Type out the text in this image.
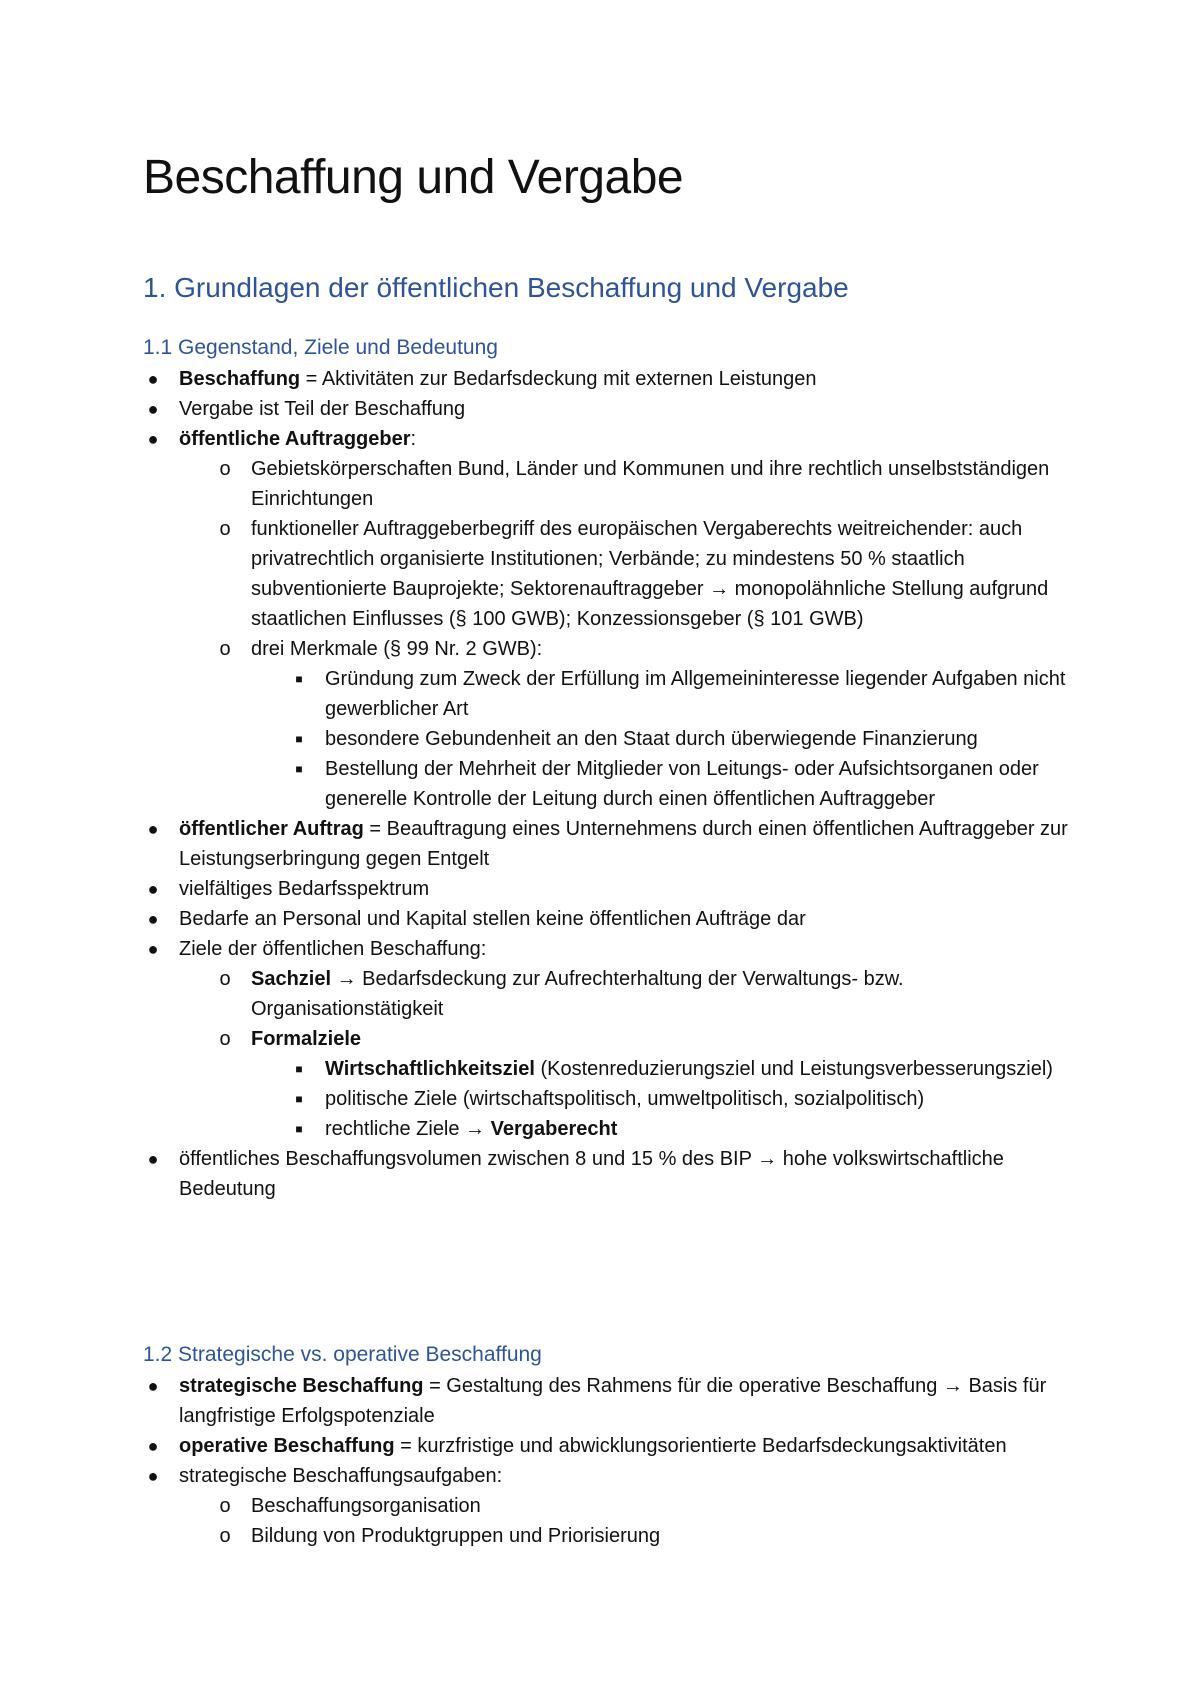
Beschaffung und Vergabe
1. Grundlagen der öffentlichen Beschaffung und Vergabe
1.1 Gegenstand, Ziele und Bedeutung
● Beschaffung = Aktivitäten zur Bedarfsdeckung mit externen Leistungen
● Vergabe ist Teil der Beschaffung
● öffentliche Auftraggeber:
o Gebietskörperschaften Bund, Länder und Kommunen und ihre rechtlich unselbstständigen Einrichtungen
o funktioneller Auftraggeberbegriff des europäischen Vergaberechts weitreichender: auch privatrechtlich organisierte Institutionen; Verbände; zu mindestens 50 % staatlich subventionierte Bauprojekte; Sektorenauftraggeber → monopolähnliche Stellung aufgrund staatlichen Einflusses (§ 100 GWB); Konzessionsgeber (§ 101 GWB)
o drei Merkmale (§ 99 Nr. 2 GWB):
■	Gründung zum Zweck der Erfüllung im Allgemeininteresse liegender Aufgaben nicht gewerblicher Art
■	besondere Gebundenheit an den Staat durch überwiegende Finanzierung
■	Bestellung der Mehrheit der Mitglieder von Leitungs- oder Aufsichtsorganen oder generelle Kontrolle der Leitung durch einen öffentlichen Auftraggeber
● öffentlicher Auftrag = Beauftragung eines Unternehmens durch einen öffentlichen Auftraggeber zur Leistungserbringung gegen Entgelt
● vielfältiges Bedarfsspektrum
● Bedarfe an Personal und Kapital stellen keine öffentlichen Aufträge dar
● Ziele der öffentlichen Beschaffung:
o Sachziel → Bedarfsdeckung zur Aufrechterhaltung der Verwaltungs- bzw. Organisationstätigkeit
o Formalziele
■	Wirtschaftlichkeitsziel (Kostenreduzierungsziel und Leistungsverbesserungsziel)
■	politische Ziele (wirtschaftspolitisch, umweltpolitisch, sozialpolitisch)
■	rechtliche Ziele → Vergaberecht
● öffentliches Beschaffungsvolumen zwischen 8 und 15 % des BIP → hohe volkswirtschaftliche Bedeutung
1.2 Strategische vs. operative Beschaffung
● strategische Beschaffung = Gestaltung des Rahmens für die operative Beschaffung → Basis für langfristige Erfolgspotenziale
● operative Beschaffung = kurzfristige und abwicklungsorientierte Bedarfsdeckungsaktivitäten
● strategische Beschaffungsaufgaben:
o Beschaffungsorganisation
o Bildung von Produktgruppen und Priorisierung
